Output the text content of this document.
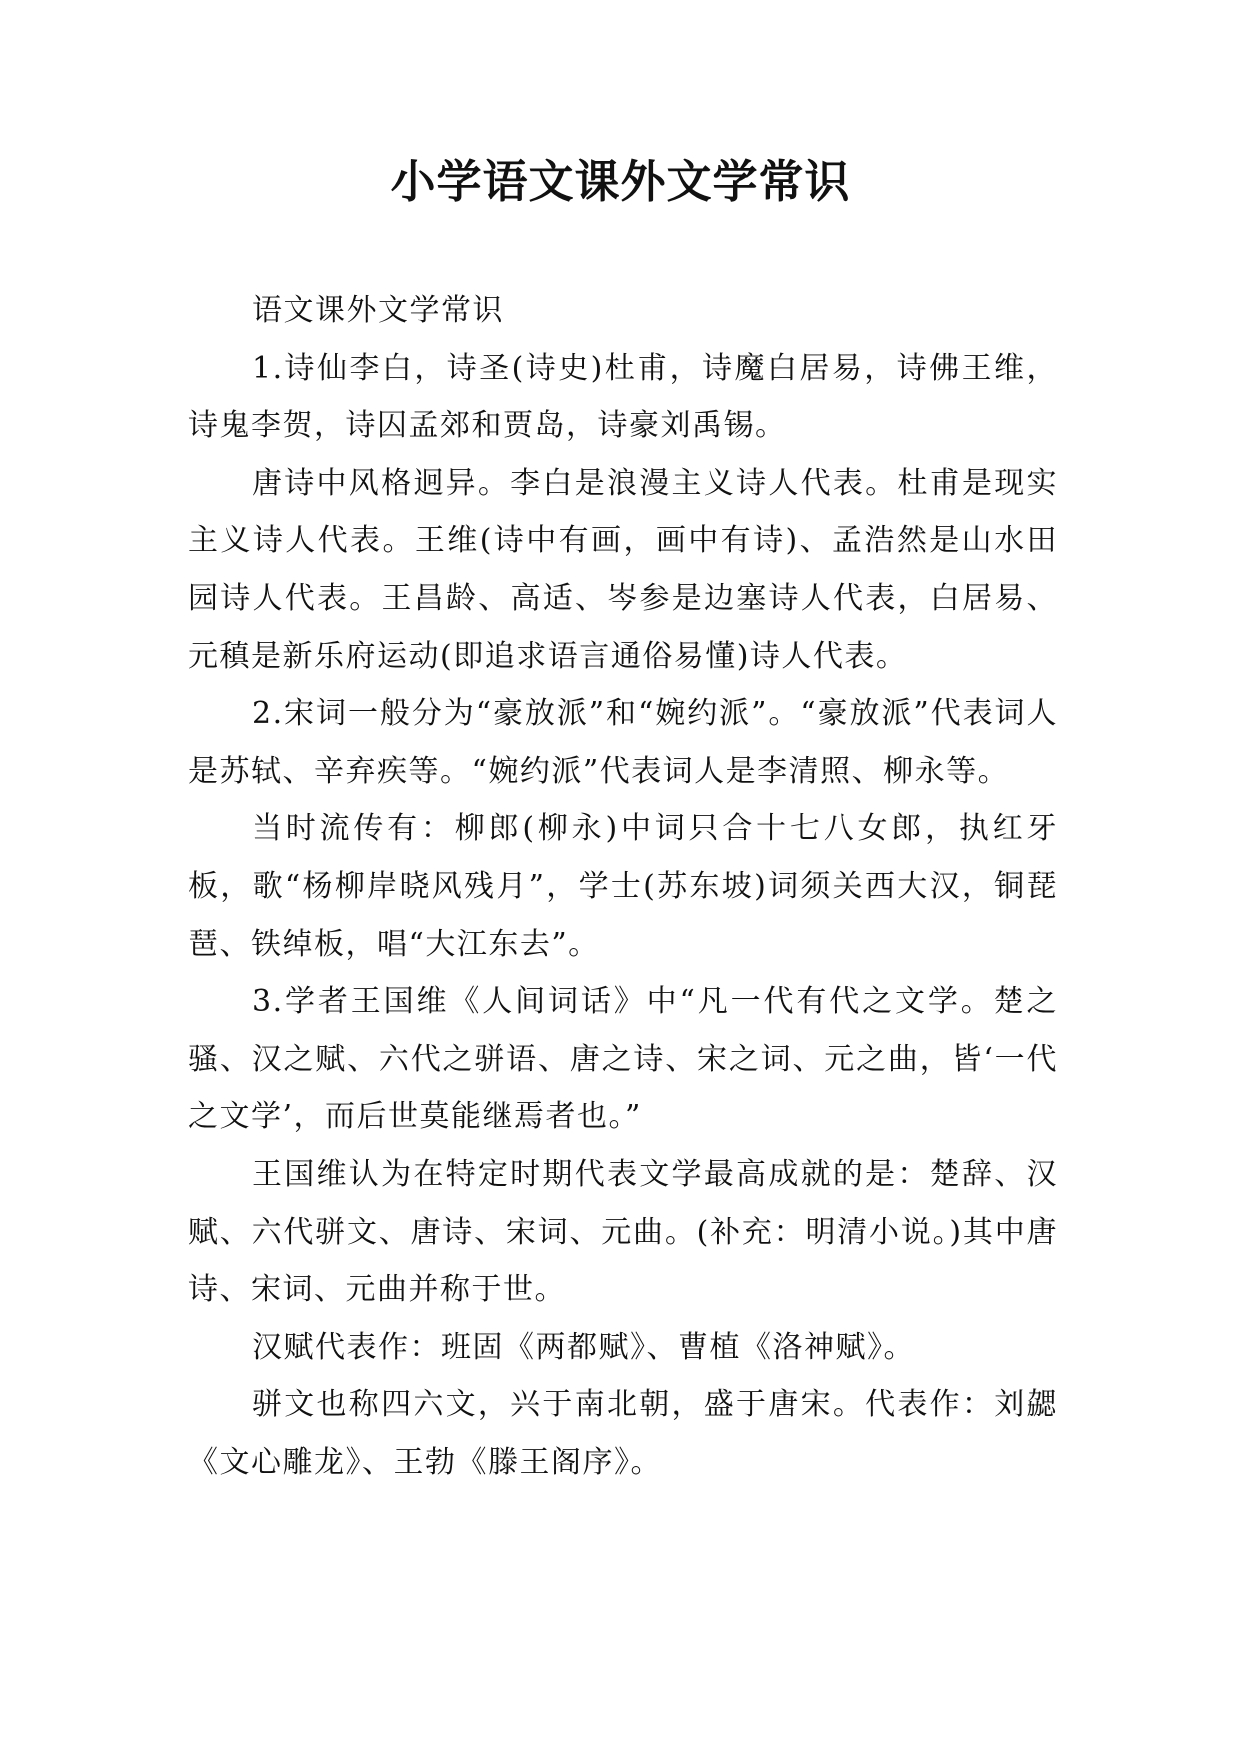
小学语文课外文学常识

语文课外文学常识

1.诗仙李白，诗圣(诗史)杜甫，诗魔白居易，诗佛王维，诗鬼李贺，诗囚孟郊和贾岛，诗豪刘禹锡。

唐诗中风格迥异。李白是浪漫主义诗人代表。杜甫是现实主义诗人代表。王维(诗中有画，画中有诗)、孟浩然是山水田园诗人代表。王昌龄、高适、岑参是边塞诗人代表，白居易、元稹是新乐府运动(即追求语言通俗易懂)诗人代表。

2.宋词一般分为“豪放派”和“婉约派”。“豪放派”代表词人是苏轼、辛弃疾等。“婉约派”代表词人是李清照、柳永等。

当时流传有：柳郎(柳永)中词只合十七八女郎，执红牙板，歌“杨柳岸晓风残月”，学士(苏东坡)词须关西大汉，铜琵琶、铁绰板，唱“大江东去”。

3.学者王国维《人间词话》中“凡一代有代之文学。楚之骚、汉之赋、六代之骈语、唐之诗、宋之词、元之曲，皆‘一代之文学’，而后世莫能继焉者也。”

王国维认为在特定时期代表文学最高成就的是：楚辞、汉赋、六代骈文、唐诗、宋词、元曲。(补充：明清小说。)其中唐诗、宋词、元曲并称于世。

汉赋代表作：班固《两都赋》、曹植《洛神赋》。

骈文也称四六文，兴于南北朝，盛于唐宋。代表作：刘勰《文心雕龙》、王勃《滕王阁序》。
